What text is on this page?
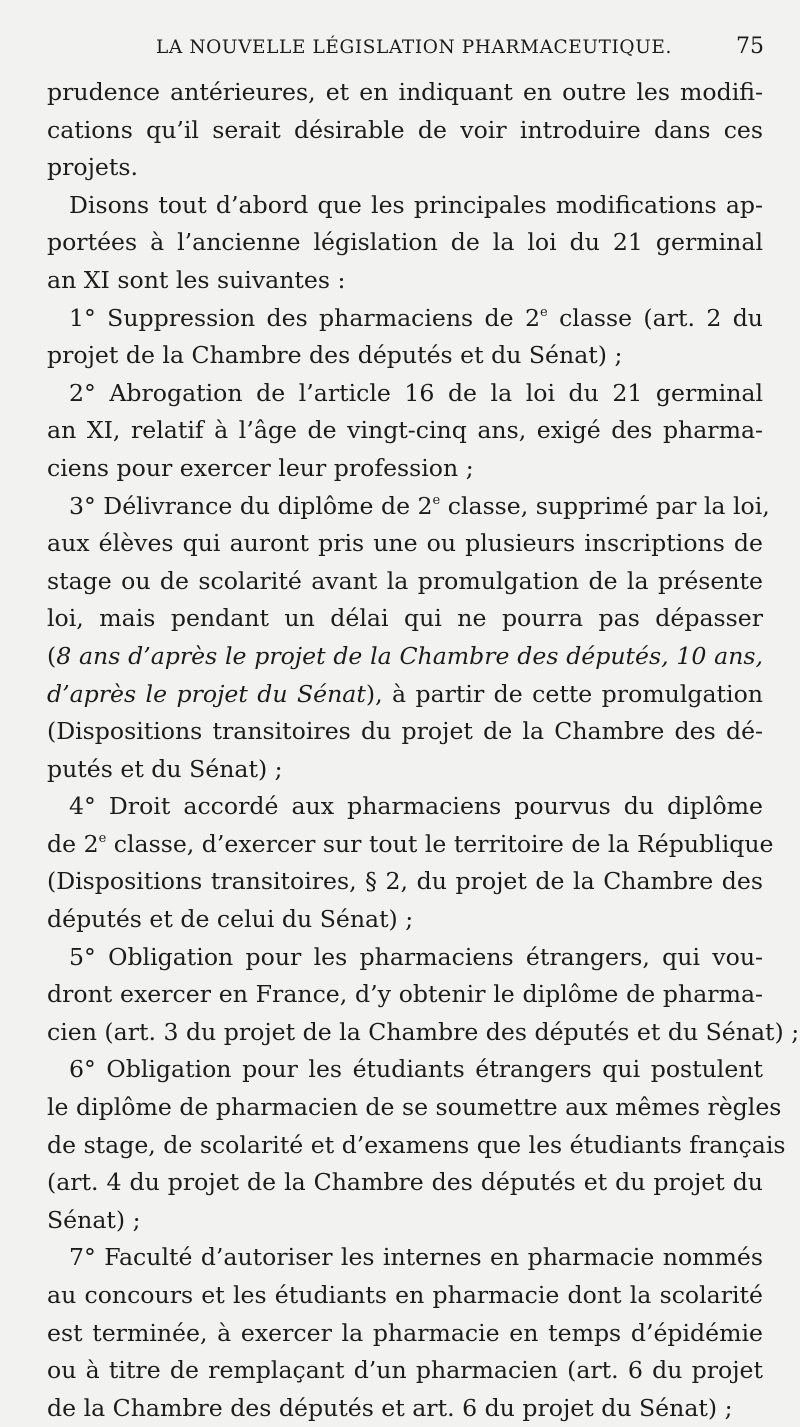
LA NOUVELLE LÉGISLATION PHARMACEUTIQUE.	75
prudence antérieures, et en indiquant en outre les modifi-
cations qu’il serait désirable de voir introduire dans ces
projets.
Disons tout d’abord que les principales modifications ap-
portées à l’ancienne législation de la loi du 21 germinal
an XI sont les suivantes :
1° Suppression des pharmaciens de 2e classe (art. 2 du
projet de la Chambre des députés et du Sénat) ;
2° Abrogation de l’article 16 de la loi du 21 germinal
an XI, relatif à l’âge de vingt-cinq ans, exigé des pharma-
ciens pour exercer leur profession ;
3° Délivrance du diplôme de 2e classe, supprimé par la loi,
aux élèves qui auront pris une ou plusieurs inscriptions de
stage ou de scolarité avant la promulgation de la présente
loi, mais pendant un délai qui ne pourra pas dépasser
(8 ans d’après le projet de la Chambre des députés, 10 ans,
d’après le projet du Sénat), à partir de cette promulgation
(Dispositions transitoires du projet de la Chambre des dé-
putés et du Sénat) ;
4° Droit accordé aux pharmaciens pourvus du diplôme
de 2e classe, d’exercer sur tout le territoire de la République
(Dispositions transitoires, § 2, du projet de la Chambre des
députés et de celui du Sénat) ;
5° Obligation pour les pharmaciens étrangers, qui vou-
dront exercer en France, d’y obtenir le diplôme de pharma-
cien (art. 3 du projet de la Chambre des députés et du Sénat) ;
6° Obligation pour les étudiants étrangers qui postulent
le diplôme de pharmacien de se soumettre aux mêmes règles
de stage, de scolarité et d’examens que les étudiants français
(art. 4 du projet de la Chambre des députés et du projet du
Sénat) ;
7° Faculté d’autoriser les internes en pharmacie nommés
au concours et les étudiants en pharmacie dont la scolarité
est terminée, à exercer la pharmacie en temps d’épidémie
ou à titre de remplaçant d’un pharmacien (art. 6 du projet
de la Chambre des députés et art. 6 du projet du Sénat) ;
